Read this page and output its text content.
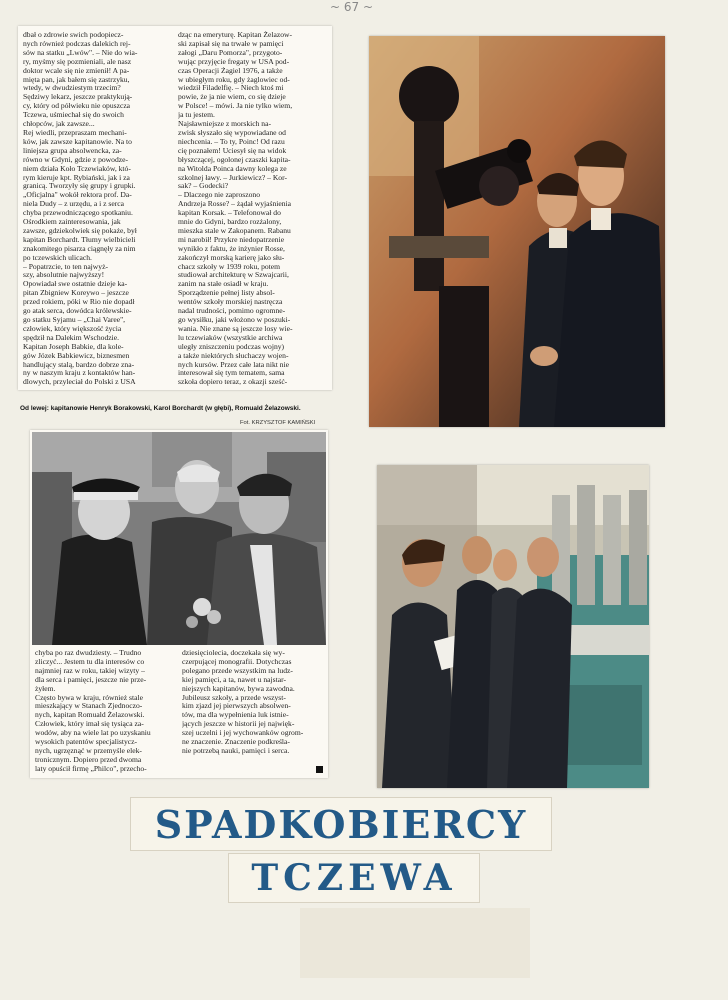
~ 67 ~
dbał o zdrowie swich podopiecz-
nych również podczas dalekich rej-
sów na statku „Lwów". – Nie do wia-
ry, myśmy się pozmieniali, ale nasz
doktor wcale się nie zmienił! A pa-
mięta pan, jak bałem się zastrzyku,
wtedy, w dwudziestym trzecim?
Sędziwy lekarz, jeszcze praktykują-
cy, który od półwieku nie opuszcza
Tczewa, uśmiechał się do swoich
chłopców, jak zawsze...
Rej wiedli, przepraszam mechani-
ków, jak zawsze kapitanowie. Na to
liniejsza grupa absolwencka, za-
równo w Gdyni, gdzie z powodze-
niem działa Koło Tczewiaków, któ-
rym kieruje kpt. Rybiański, jak i za
granicą. Tworzyły się grupy i grupki.
„Oficjalna" wokół rektora prof. Da-
niela Dudy – z urzędu, a i z serca
chyba przewodniczącego spotkaniu.
Ośrodkiem zainteresowania, jak
zawsze, gdziekolwiek się pokaże, był
kapitan Borchardt. Tłumy wielbicieli
znakomitego pisarza ciągnęły za nim
po tczewskich ulicach.
– Popatrzcie, to ten najwyż-
szy, absolutnie najwyższy!
Opowiadał swe ostatnie dzieje ka-
pitan Zbigniew Koreywo – jeszcze
przed rokiem, póki w Rio nie dopadł
go atak serca, dowódca królewskie-
go statku Syjamu – „Chai Varee",
człowiek, który większość życia
spędził na Dalekim Wschodzie.
Kapitan Joseph Babkie, dla kole-
gów Józek Babkiewicz, biznesmen
handlujący stalą, bardzo dobrze zna-
ny w naszym kraju z kontaktów han-
dlowych, przyleciał do Polski z USA
dząc na emeryturę. Kapitan Żelazow-
ski zapisał się na trwałe w pamięci
załogi „Daru Pomorza", przygoto-
wując przyjęcie fregaty w USA pod-
czas Operacji Żagiel 1976, a także
w ubiegłym roku, gdy żaglowiec od-
wiedził Filadelfię. – Niech ktoś mi
powie, że ja nie wiem, co się dzieje
w Polsce! – mówi. Ja nie tylko wiem,
ja tu jestem.
Najsławniejsze z morskich na-
zwisk słyszało się wypowiadane od
niechcenia. – To ty, Poinc! Od razu
cię poznałem! Uciesył się na widok
błyszczącej, ogolonej czaszki kapita-
na Witolda Poinca dawny kolega ze
szkolnej ławy. – Jurkiewicz? – Kor-
sak? – Godecki?
– Dlaczego nie zaproszono
Andrzeja Rosse? – żądał wyjaśnienia
kapitan Korsak. – Telefonował do
mnie do Gdyni, bardzo rozżalony,
mieszka stale w Zakopanem. Rabanu
mi narobił! Przykre niedopatrzenie
wynikło z faktu, że inżynier Rosse,
zakończył morską karierę jako słu-
chacz szkoły w 1939 roku, potem
studiował architekturę w Szwajcarii,
zanim na stałe osiadł w kraju.
Sporządzenie pełnej listy absol-
wentów szkoły morskiej nastręcza
nadal trudności, pomimo ogromne-
go wysiłku, jaki włożono w poszuki-
wania. Nie znane są jeszcze losy wie-
lu tczewiaków (wszystkie archiwa
uległy zniszczeniu podczas wojny)
a także niektórych słuchaczy wojen-
nych kursów. Przez całe lata nikt nie
interesował się tym tematem, sama
szkoła dopiero teraz, z okazji sześć-
Od lewej: kapitanowie Henryk Borakowski, Karol Borchardt (w głębi), Romuald Żelazowski.
Fot. KRZYSZTOF KAMIŃSKI
chyba po raz dwudziesty. – Trudno
zliczyć... Jestem tu dla interesów co
najmniej raz w roku, takiej wizyty –
dla serca i pamięci, jeszcze nie prze-
żyłem.
Często bywa w kraju, również stale
mieszkający w Stanach Zjednoczo-
nych, kapitan Romuald Żelazowski.
Człowiek, który imał się tysiąca za-
wodów, aby na wiele lat po uzyskaniu
wysokich patentów specjalistycz-
nych, ugrzęznąć w przemyśle elek-
tronicznym. Dopiero przed dwoma
laty opuścił firmę „Philco", przecho-
dziesięciolecia, doczekała się wy-
czerpującej monografii. Dotychczas
polegano przede wszystkim na ludz-
kiej pamięci, a ta, nawet u najstar-
niejszych kapitanów, bywa zawodna.
Jubileusz szkoły, a przede wszyst-
kim zjazd jej pierwszych absolwen-
tów, ma dla wypełnienia luk istnie-
jących jeszcze w historii jej najwięk-
szej uczelni i jej wychowanków ogrom-
ne znaczenie. Znaczenie podkreśla-
nie potrzebą nauki, pamięci i serca.
SPADKOBIERCY
TCZEWA
